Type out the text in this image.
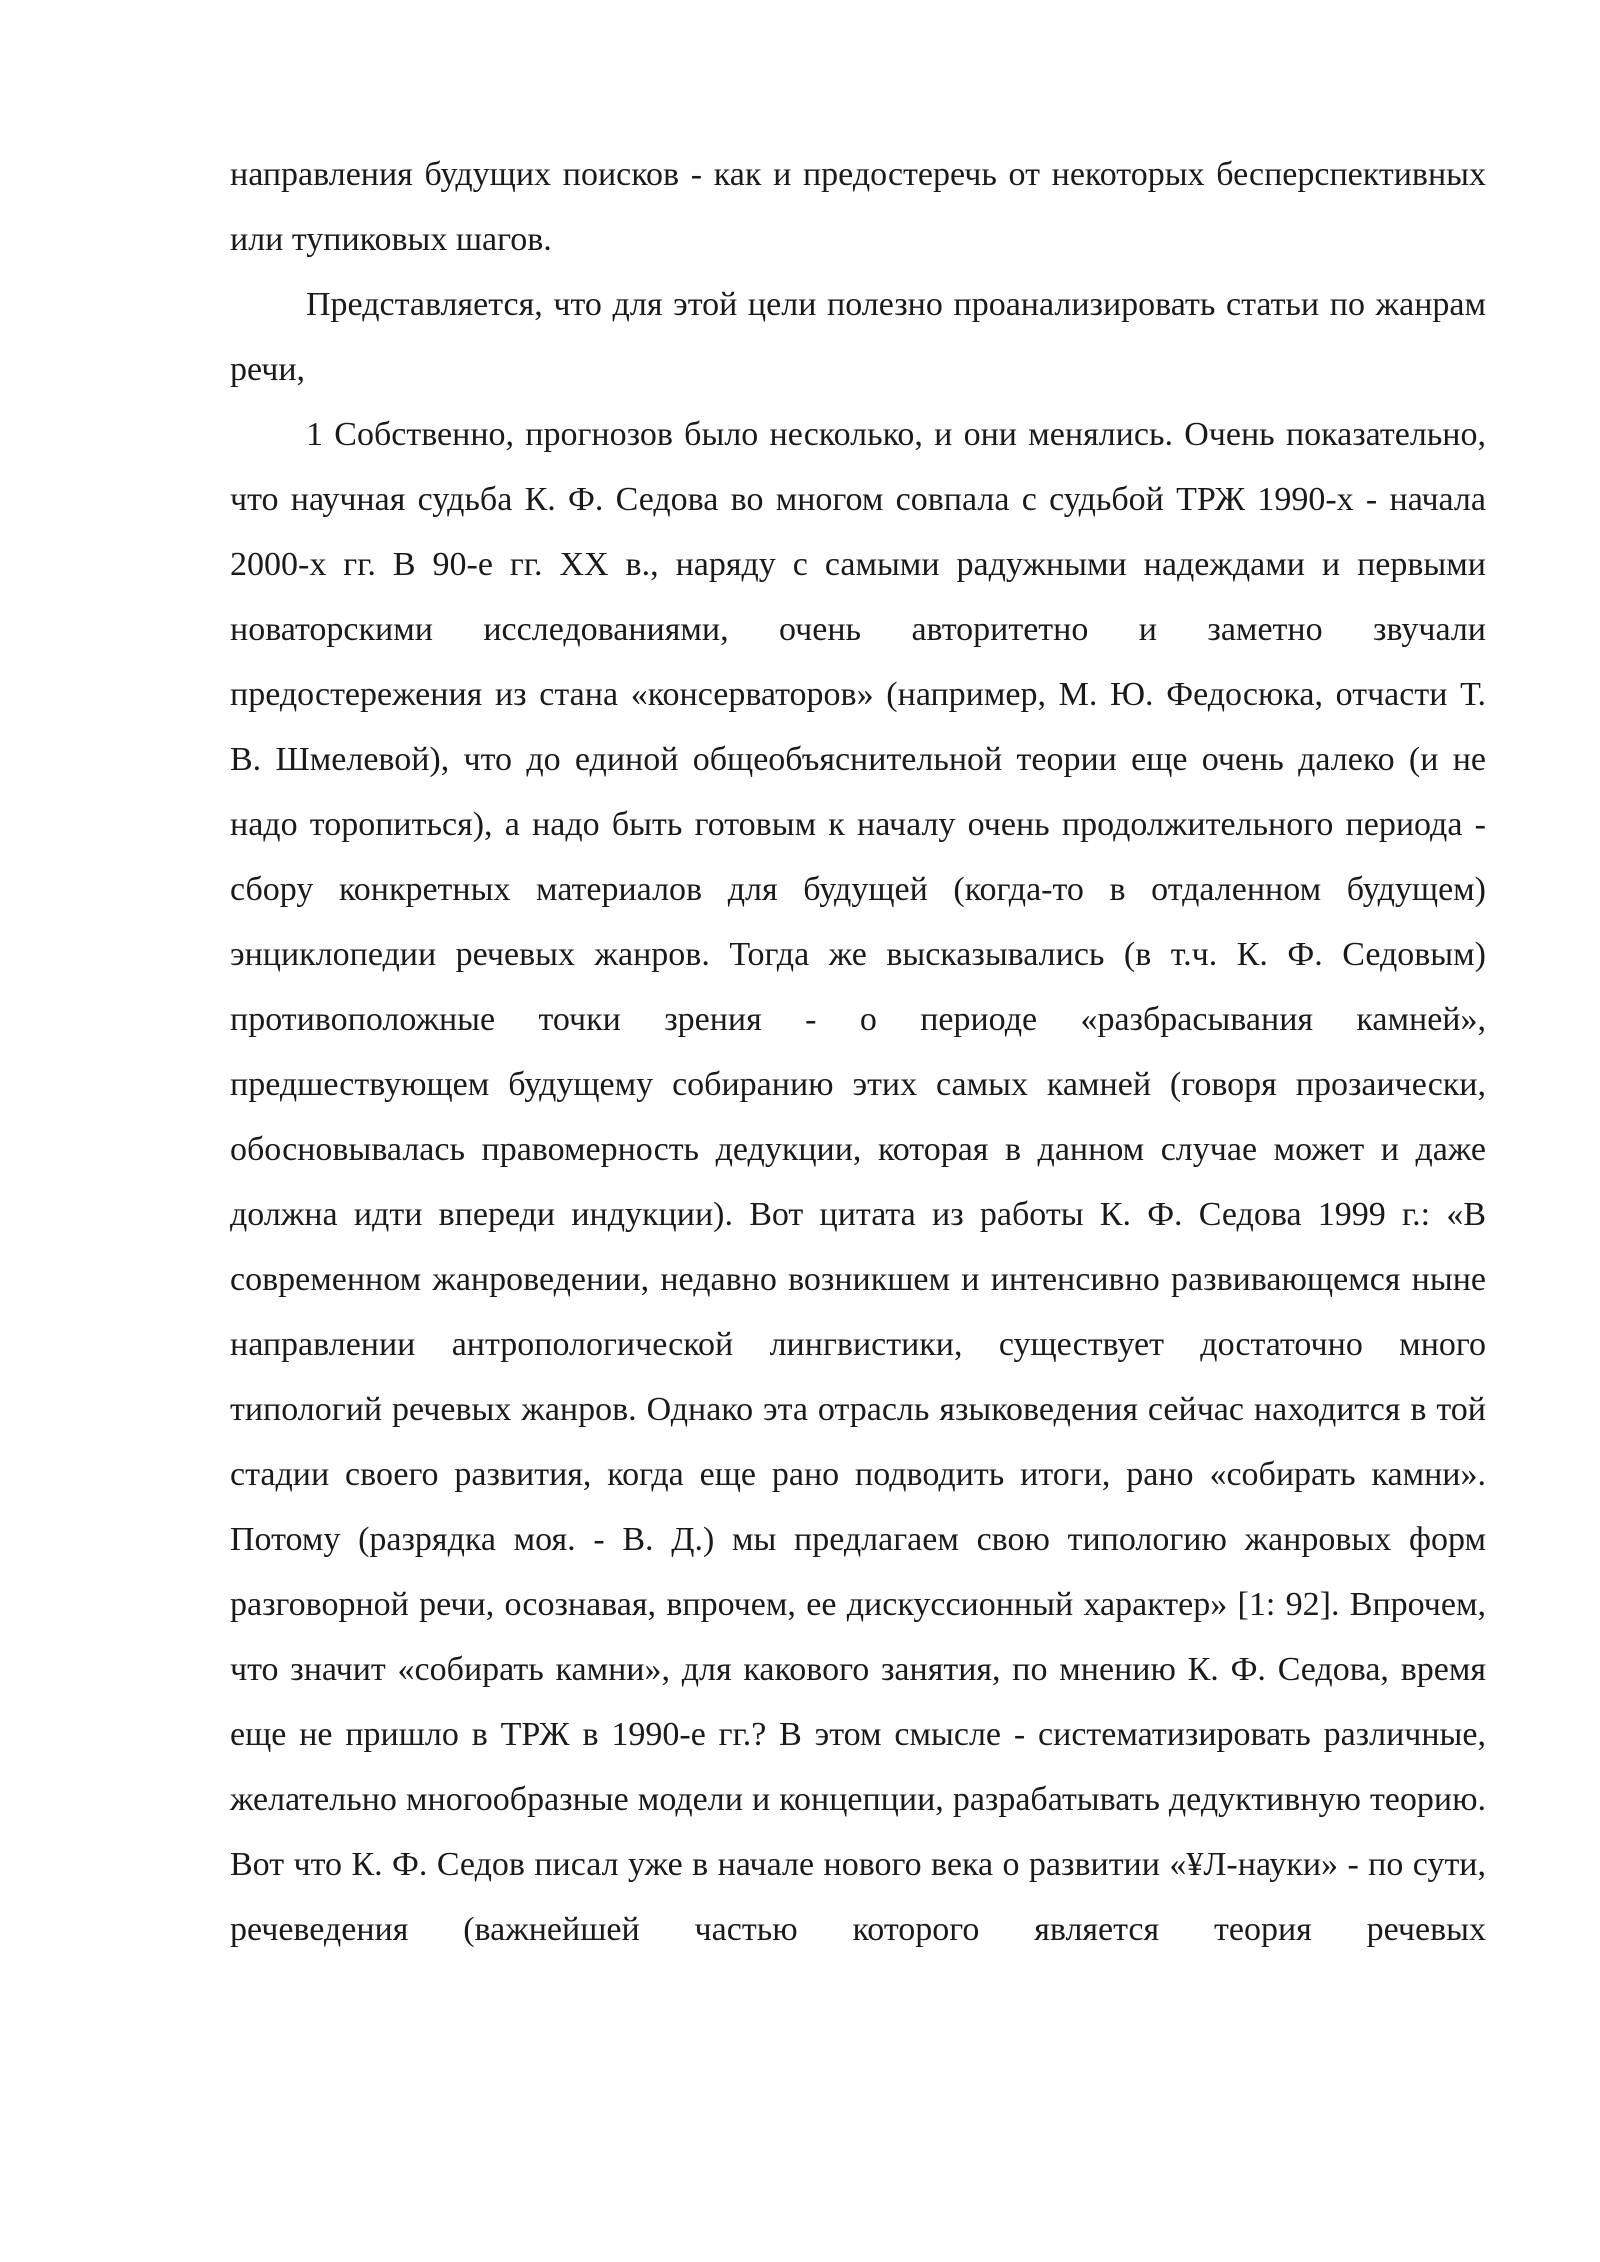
направления будущих поисков - как и предостеречь от некоторых бесперспективных или тупиковых шагов.

Представляется, что для этой цели полезно проанализировать статьи по жанрам речи,

1 Собственно, прогнозов было несколько, и они менялись. Очень показательно, что научная судьба К. Ф. Седова во многом совпала с судьбой ТРЖ 1990-х - начала 2000-х гг. В 90-е гг. XX в., наряду с самыми радужными надеждами и первыми новаторскими исследованиями, очень авторитетно и заметно звучали предостережения из стана «консерваторов» (например, М. Ю. Федосюка, отчасти Т. В. Шмелевой), что до единой общеобъяснительной теории еще очень далеко (и не надо торопиться), а надо быть готовым к началу очень продолжительного периода - сбору конкретных материалов для будущей (когда-то в отдаленном будущем) энциклопедии речевых жанров. Тогда же высказывались (в т.ч. К. Ф. Седовым) противоположные точки зрения - о периоде «разбрасывания камней», предшествующем будущему собиранию этих самых камней (говоря прозаически, обосновывалась правомерность дедукции, которая в данном случае может и даже должна идти впереди индукции). Вот цитата из работы К. Ф. Седова 1999 г.: «В современном жанроведении, недавно возникшем и интенсивно развивающемся ныне направлении антропологической лингвистики, существует достаточно много типологий речевых жанров. Однако эта отрасль языковедения сейчас находится в той стадии своего развития, когда еще рано подводить итоги, рано «собирать камни». Потому (разрядка моя. - В. Д.) мы предлагаем свою типологию жанровых форм разговорной речи, осознавая, впрочем, ее дискуссионный характер» [1: 92]. Впрочем, что значит «собирать камни», для какового занятия, по мнению К. Ф. Седова, время еще не пришло в ТРЖ в 1990-е гг.? В этом смысле - систематизировать различные, желательно многообразные модели и концепции, разрабатывать дедуктивную теорию. Вот что К. Ф. Седов писал уже в начале нового века о развитии «¥Л-науки» - по сути, речеведения (важнейшей частью которого является теория речевых
